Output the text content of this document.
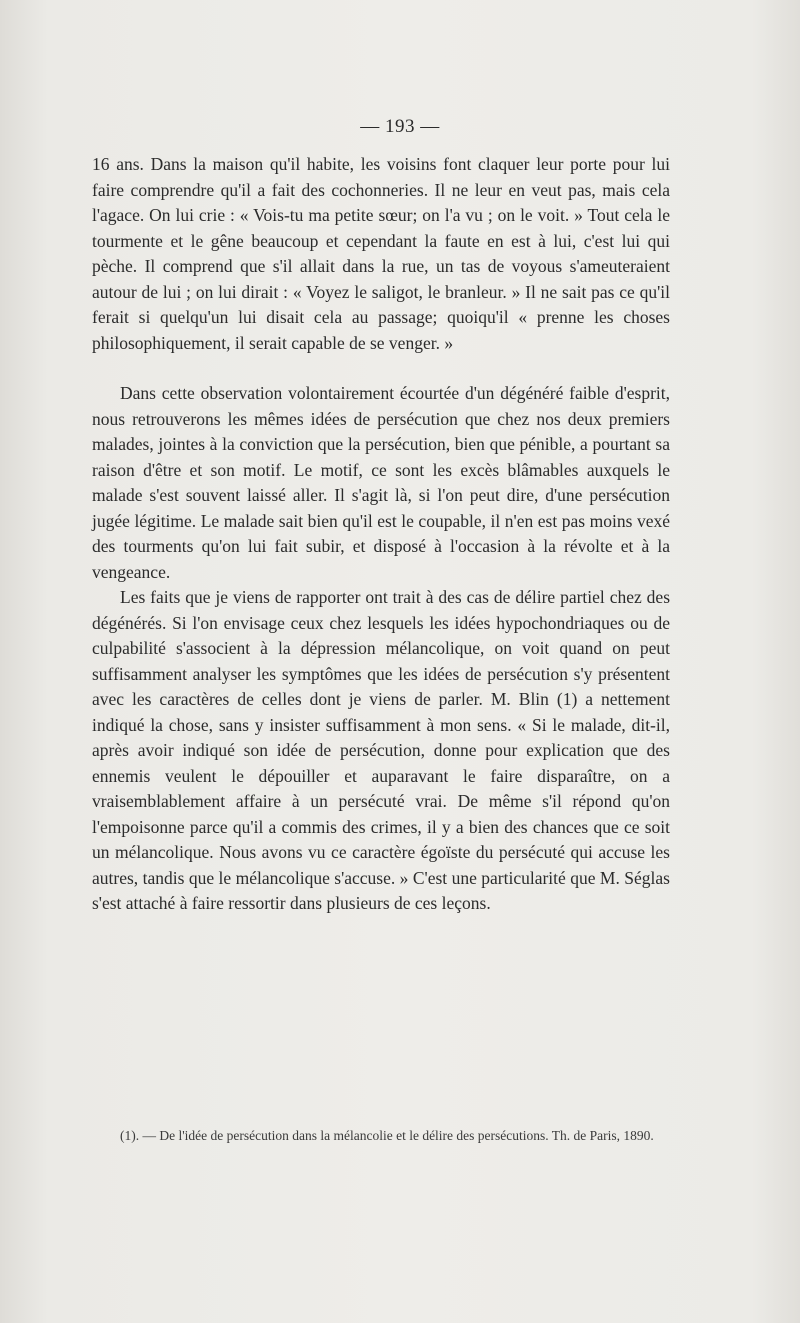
— 193 —

16 ans. Dans la maison qu'il habite, les voisins font claquer leur porte pour lui faire comprendre qu'il a fait des cochonneries. Il ne leur en veut pas, mais cela l'agace. On lui crie : « Vois-tu ma petite sœur; on l'a vu ; on le voit. » Tout cela le tourmente et le gêne beaucoup et cependant la faute en est à lui, c'est lui qui pèche. Il comprend que s'il allait dans la rue, un tas de voyous s'ameuteraient autour de lui ; on lui dirait : « Voyez le saligot, le branleur. » Il ne sait pas ce qu'il ferait si quelqu'un lui disait cela au passage; quoiqu'il « prenne les choses philosophiquement, il serait capable de se venger. »

Dans cette observation volontairement écourtée d'un dégénéré faible d'esprit, nous retrouverons les mêmes idées de persécution que chez nos deux premiers malades, jointes à la conviction que la persécution, bien que pénible, a pourtant sa raison d'être et son motif. Le motif, ce sont les excès blâmables auxquels le malade s'est souvent laissé aller. Il s'agit là, si l'on peut dire, d'une persécution jugée légitime. Le malade sait bien qu'il est le coupable, il n'en est pas moins vexé des tourments qu'on lui fait subir, et disposé à l'occasion à la révolte et à la vengeance.

Les faits que je viens de rapporter ont trait à des cas de délire partiel chez des dégénérés. Si l'on envisage ceux chez lesquels les idées hypochondriaques ou de culpabilité s'associent à la dépression mélancolique, on voit quand on peut suffisamment analyser les symptômes que les idées de persécution s'y présentent avec les caractères de celles dont je viens de parler. M. Blin (1) a nettement indiqué la chose, sans y insister suffisamment à mon sens. « Si le malade, dit-il, après avoir indiqué son idée de persécution, donne pour explication que des ennemis veulent le dépouiller et auparavant le faire disparaître, on a vraisemblablement affaire à un persécuté vrai. De même s'il répond qu'on l'empoisonne parce qu'il a commis des crimes, il y a bien des chances que ce soit un mélancolique. Nous avons vu ce caractère égoïste du persécuté qui accuse les autres, tandis que le mélancolique s'accuse. » C'est une particularité que M. Séglas s'est attaché à faire ressortir dans plusieurs de ces leçons.

(1). — De l'idée de persécution dans la mélancolie et le délire des persécutions. Th. de Paris, 1890.
